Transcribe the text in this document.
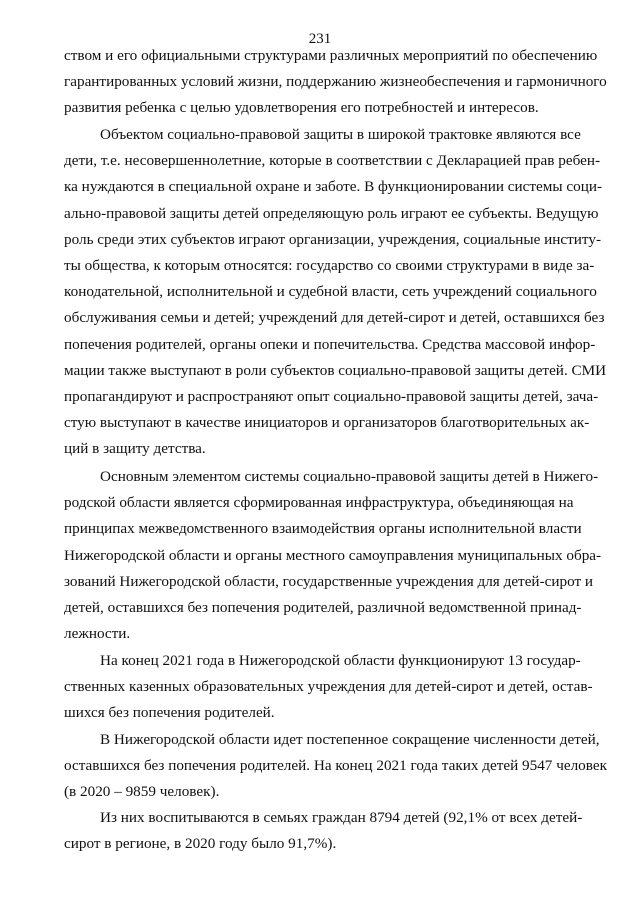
231
ством и его официальными структурами различных мероприятий по обеспечению
гарантированных условий жизни, поддержанию жизнеобеспечения и гармоничного
развития ребенка с целью удовлетворения его потребностей и интересов.
Объектом социально-правовой защиты в широкой трактовке являются все
дети, т.е. несовершеннолетние, которые в соответствии с Декларацией прав ребен-
ка нуждаются в специальной охране и заботе. В функционировании системы соци-
ально-правовой защиты детей определяющую роль играют ее субъекты. Ведущую
роль среди этих субъектов играют организации, учреждения, социальные институ-
ты общества, к которым относятся: государство со своими структурами в виде за-
конодательной, исполнительной и судебной власти, сеть учреждений социального
обслуживания семьи и детей; учреждений для детей-сирот и детей, оставшихся без
попечения родителей, органы опеки и попечительства. Средства массовой инфор-
мации также выступают в роли субъектов социально-правовой защиты детей. СМИ
пропагандируют и распространяют опыт социально-правовой защиты детей, зача-
стую выступают в качестве инициаторов и организаторов благотворительных ак-
ций в защиту детства.
Основным элементом системы социально-правовой защиты детей в Нижего-
родской области является сформированная инфраструктура, объединяющая на
принципах межведомственного взаимодействия органы исполнительной власти
Нижегородской области и органы местного самоуправления муниципальных обра-
зований Нижегородской области, государственные учреждения для детей-сирот и
детей, оставшихся без попечения родителей, различной ведомственной принад-
лежности.
На конец 2021 года в Нижегородской области функционируют 13 государ-
ственных казенных образовательных учреждения для детей-сирот и детей, остав-
шихся без попечения родителей.
В Нижегородской области идет постепенное сокращение численности детей,
оставшихся без попечения родителей. На конец 2021 года таких детей 9547 человек
(в 2020 – 9859 человек).
Из них воспитываются в семьях граждан 8794 детей (92,1% от всех детей-
сирот в регионе, в 2020 году было 91,7%).
